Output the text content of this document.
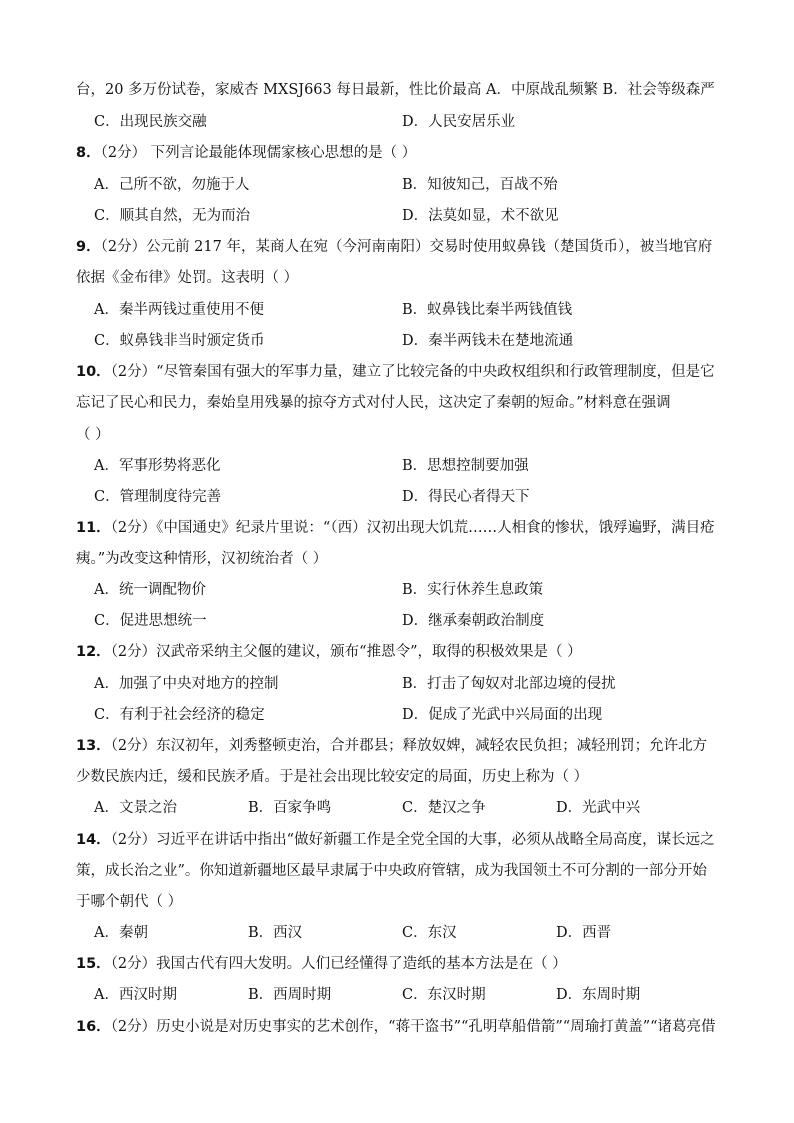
台，20 多万份试卷，家威杏 MXSJ663 每日最新，性比价最高 A．中原战乱频繁 B．社会等级森严
C．出现民族交融	D．人民安居乐业
8．（2分） 下列言论最能体现儒家核心思想的是（ ）
A．己所不欲，勿施于人	B．知彼知己，百战不殆
C．顺其自然，无为而治	D．法莫如显，术不欲见
9．（2分）公元前 217 年，某商人在宛（今河南南阳）交易时使用蚁鼻钱（楚国货币），被当地官府
依据《金布律》处罚。这表明（ ）
A．秦半两钱过重使用不便	B．蚁鼻钱比秦半两钱值钱
C．蚁鼻钱非当时颁定货币	D．秦半两钱未在楚地流通
10．（2分）“尽管秦国有强大的军事力量，建立了比较完备的中央政权组织和行政管理制度，但是它
忘记了民心和民力，秦始皇用残暴的掠夺方式对付人民，这决定了秦朝的短命。”材料意在强调
（ ）
A．军事形势将恶化	B．思想控制要加强
C．管理制度待完善	D．得民心者得天下
11．（2分）《中国通史》纪录片里说：“（西）汉初出现大饥荒……人相食的惨状，饿殍遍野，满目疮
痍。”为改变这种情形，汉初统治者（ ）
A．统一调配物价	B．实行休养生息政策
C．促进思想统一	D．继承秦朝政治制度
12．（2分）汉武帝采纳主父偃的建议，颁布“推恩令”，取得的积极效果是（ ）
A．加强了中央对地方的控制	B．打击了匈奴对北部边境的侵扰
C．有利于社会经济的稳定	D．促成了光武中兴局面的出现
13．（2分）东汉初年，刘秀整顿吏治，合并郡县；释放奴婢，减轻农民负担；减轻刑罚；允许北方
少数民族内迁，缓和民族矛盾。于是社会出现比较安定的局面，历史上称为（ ）
A．文景之治	B．百家争鸣	C．楚汉之争	D．光武中兴
14．（2分）习近平在讲话中指出“做好新疆工作是全党全国的大事，必须从战略全局高度，谋长远之
策，成长治之业”。你知道新疆地区最早隶属于中央政府管辖，成为我国领土不可分割的一部分开始
于哪个朝代（ ）
A．秦朝	B．西汉	C．东汉	D．西晋
15．（2分）我国古代有四大发明。人们已经懂得了造纸的基本方法是在（ ）
A．西汉时期	B．西周时期	C．东汉时期	D．东周时期
16．（2分）历史小说是对历史事实的艺术创作，“蒋干盗书”“孔明草船借箭”“周瑜打黄盖”“诸葛亮借
